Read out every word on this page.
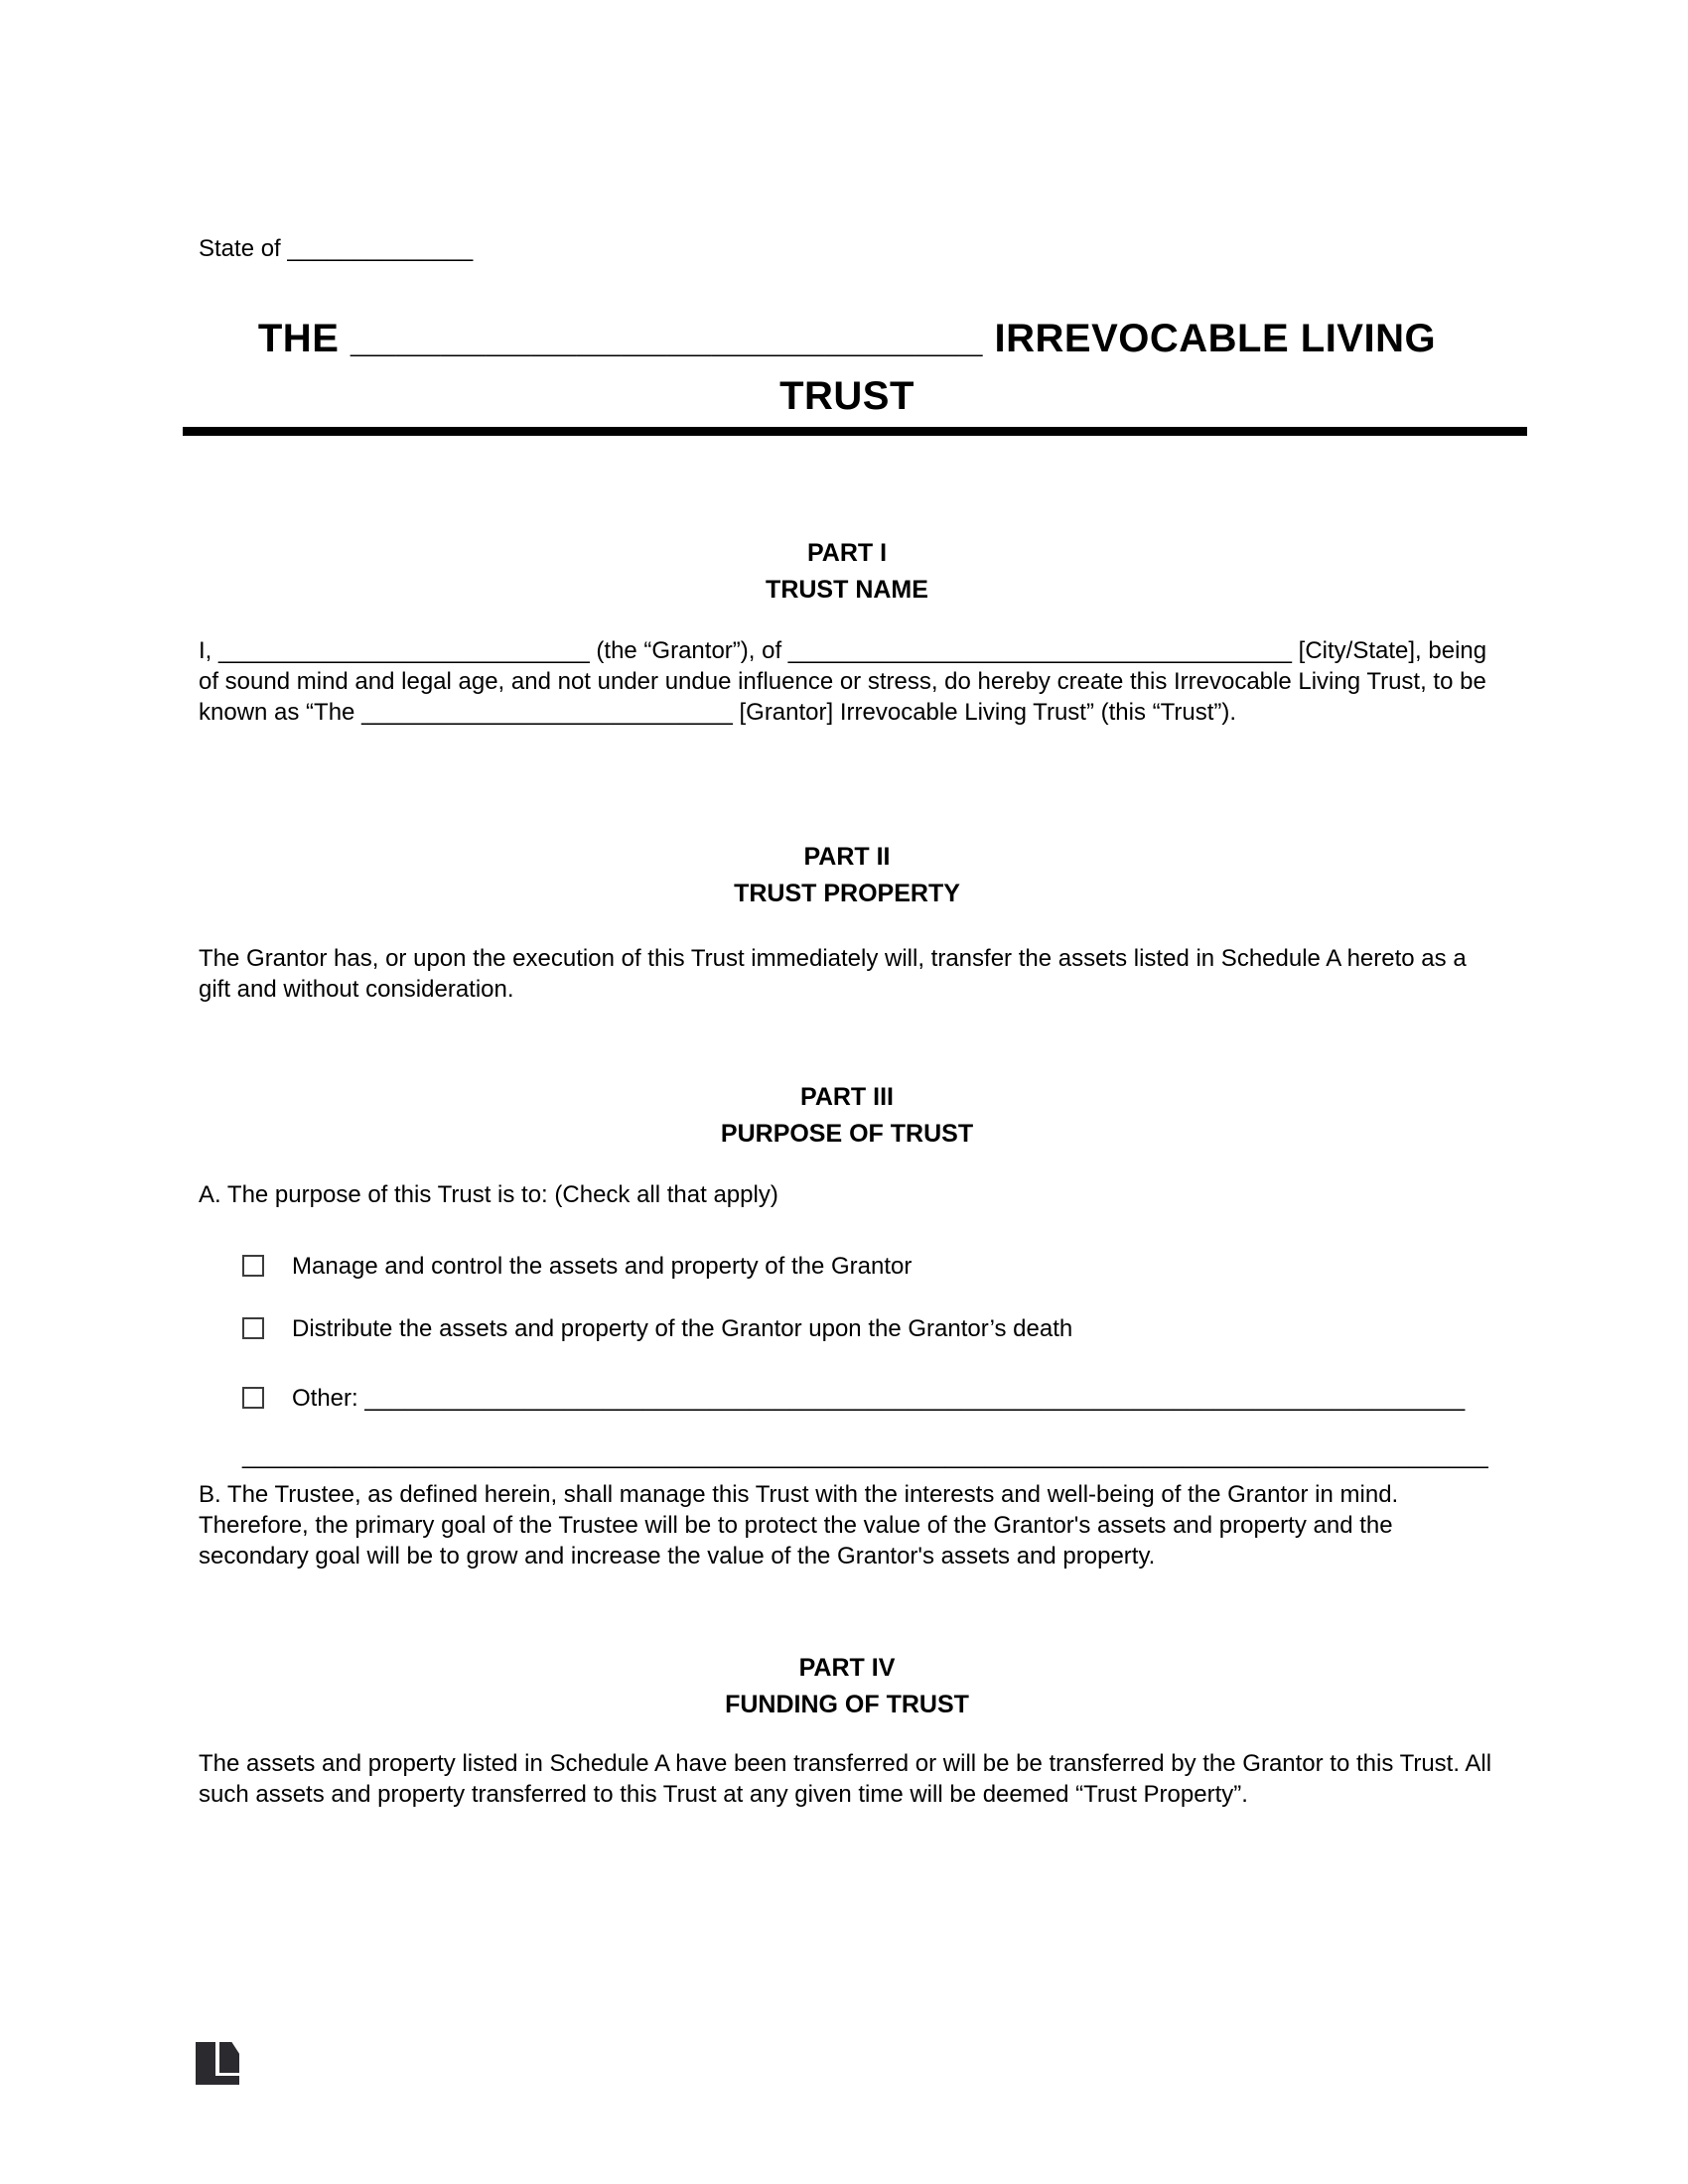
State of ______________
THE ____________________________ IRREVOCABLE LIVING
TRUST
PART I
TRUST NAME

I, ____________________________ (the “Grantor”), of ______________________________________ [City/State], being of sound mind and legal age, and not under undue influence or stress, do hereby create this Irrevocable Living Trust, to be known as “The ____________________________ [Grantor] Irrevocable Living Trust” (this “Trust”).

PART II
TRUST PROPERTY

The Grantor has, or upon the execution of this Trust immediately will, transfer the assets listed in Schedule A hereto as a gift and without consideration.

PART III
PURPOSE OF TRUST

A. The purpose of this Trust is to: (Check all that apply)

Manage and control the assets and property of the Grantor
Distribute the assets and property of the Grantor upon the Grantor’s death
Other: ___________________________________________________________________________________
______________________________________________________________________________________________

B. The Trustee, as defined herein, shall manage this Trust with the interests and well-being of the Grantor in mind. Therefore, the primary goal of the Trustee will be to protect the value of the Grantor's assets and property and the secondary goal will be to grow and increase the value of the Grantor's assets and property.

PART IV
FUNDING OF TRUST

The assets and property listed in Schedule A have been transferred or will be be transferred by the Grantor to this Trust. All such assets and property transferred to this Trust at any given time will be deemed “Trust Property”.
